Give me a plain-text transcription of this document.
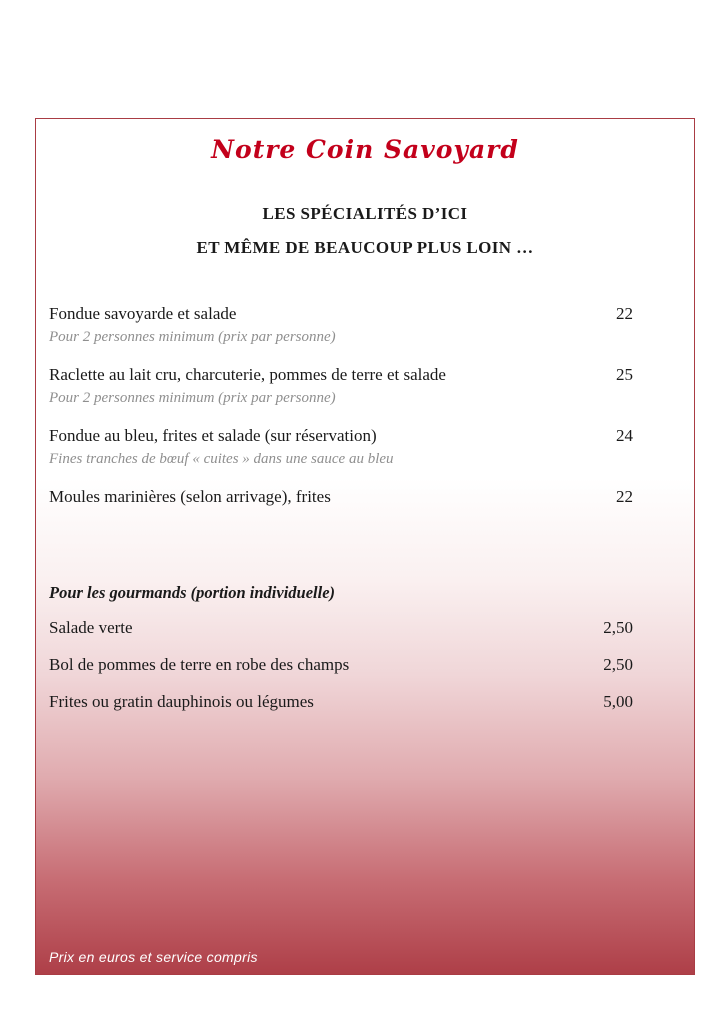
Notre Coin Savoyard
LES SPÉCIALITÉS D’ICI
ET MÊME DE BEAUCOUP PLUS LOIN …
Fondue savoyarde et salade	22
Pour 2 personnes minimum (prix par personne)
Raclette au lait cru, charcuterie, pommes de terre et salade	25
Pour 2 personnes minimum (prix par personne)
Fondue au bleu, frites et salade (sur réservation)	24
Fines tranches de bœuf « cuites » dans une sauce au bleu
Moules marinières (selon arrivage), frites	22
Pour les gourmands (portion individuelle)
Salade verte	2,50
Bol de pommes de terre en robe des champs	2,50
Frites ou gratin dauphinois ou légumes	5,00
Prix en euros et service compris
